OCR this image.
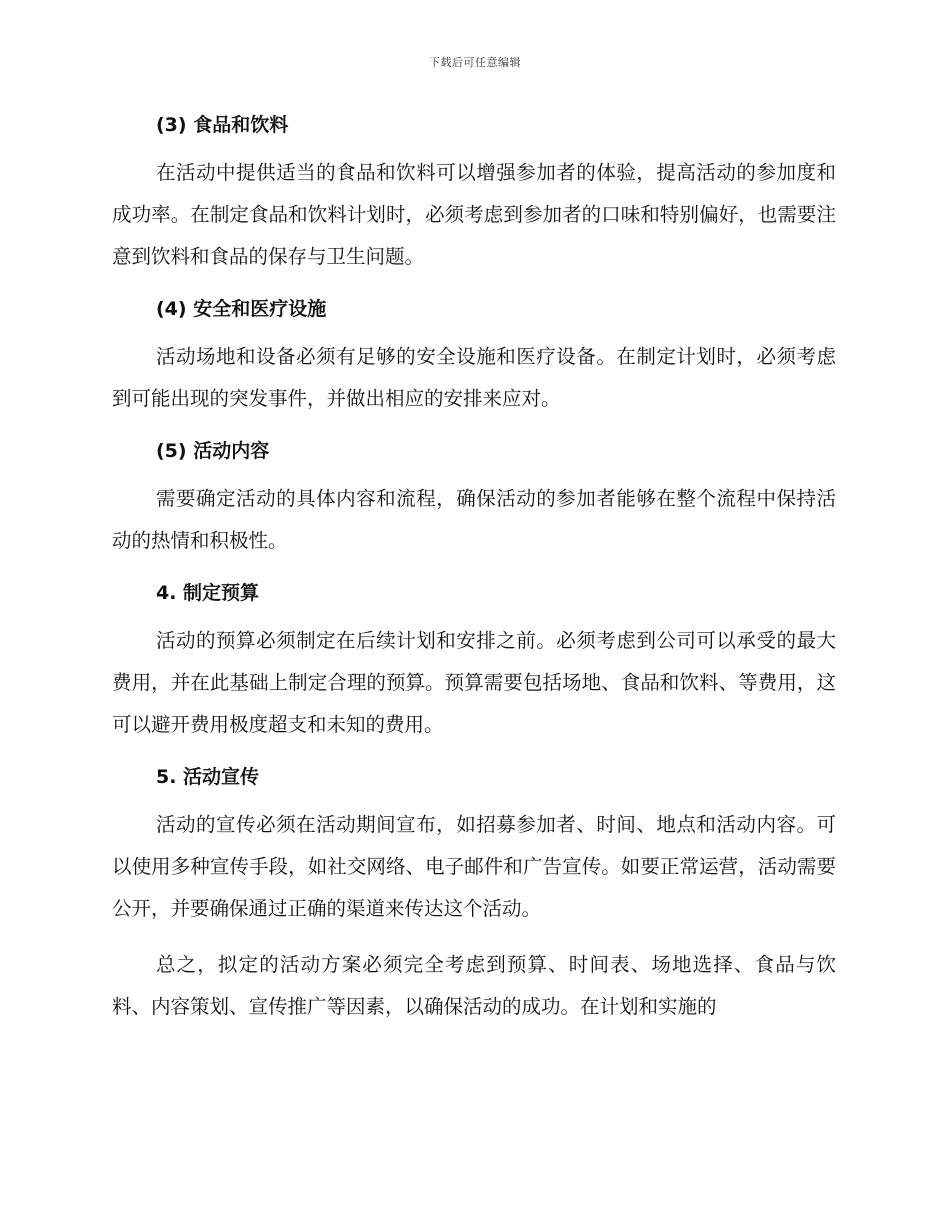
下载后可任意编辑
(3) 食品和饮料

在活动中提供适当的食品和饮料可以增强参加者的体验，提高活动的参加度和成功率。在制定食品和饮料计划时，必须考虑到参加者的口味和特别偏好，也需要注意到饮料和食品的保存与卫生问题。

(4) 安全和医疗设施

活动场地和设备必须有足够的安全设施和医疗设备。在制定计划时，必须考虑到可能出现的突发事件，并做出相应的安排来应对。

(5) 活动内容

需要确定活动的具体内容和流程，确保活动的参加者能够在整个流程中保持活动的热情和积极性。

4. 制定预算

活动的预算必须制定在后续计划和安排之前。必须考虑到公司可以承受的最大费用，并在此基础上制定合理的预算。预算需要包括场地、食品和饮料、等费用，这可以避开费用极度超支和未知的费用。

5. 活动宣传

活动的宣传必须在活动期间宣布，如招募参加者、时间、地点和活动内容。可以使用多种宣传手段，如社交网络、电子邮件和广告宣传。如要正常运营，活动需要公开，并要确保通过正确的渠道来传达这个活动。

总之，拟定的活动方案必须完全考虑到预算、时间表、场地选择、食品与饮料、内容策划、宣传推广等因素，以确保活动的成功。在计划和实施的
